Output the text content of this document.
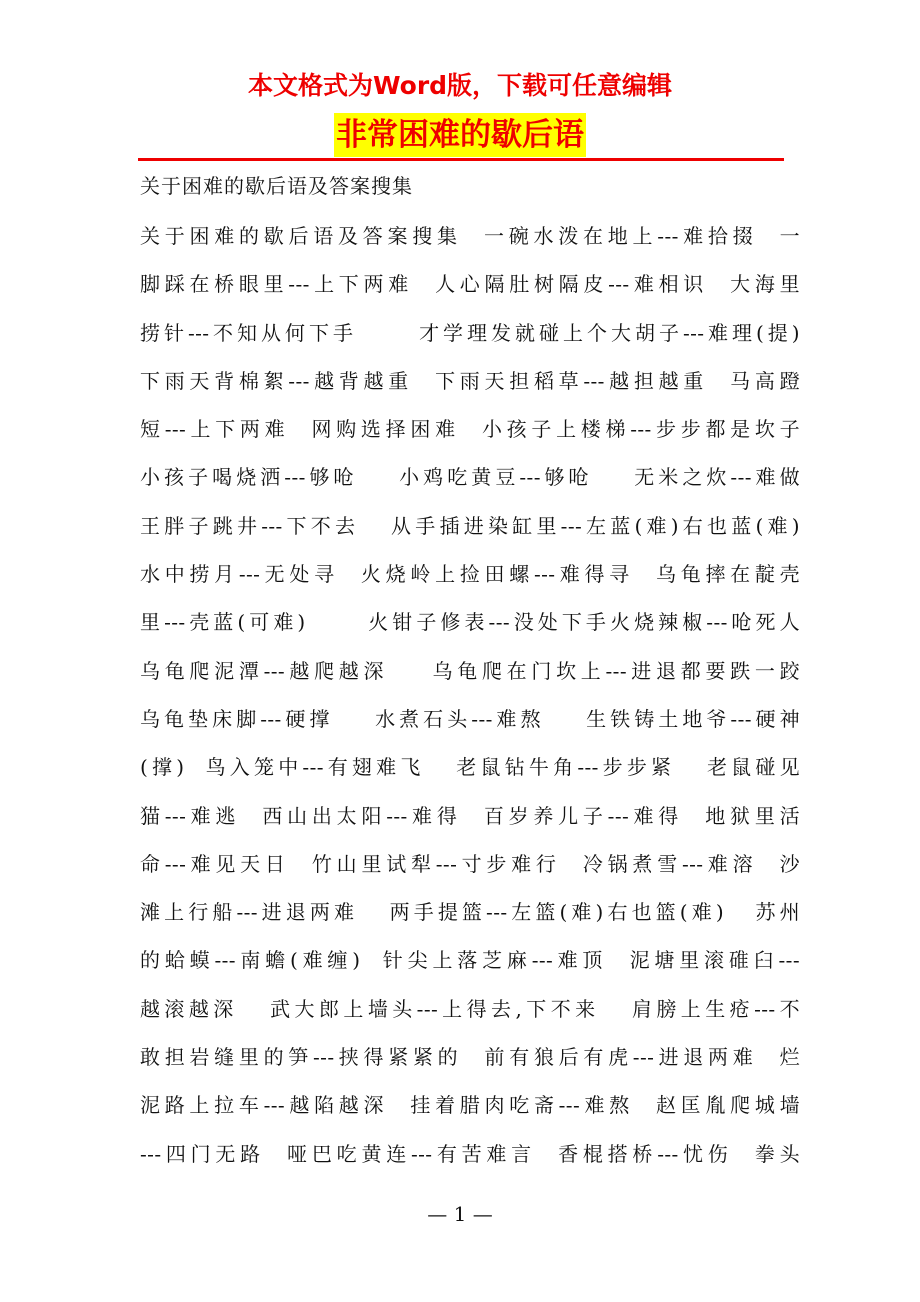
本文格式为Word版，下载可任意编辑
非常困难的歇后语
关于困难的歇后语及答案搜集
关于困难的歇后语及答案搜集  一碗水泼在地上---难拾掇  一
脚踩在桥眼里---上下两难  人心隔肚树隔皮---难相识  大海里
捞针---不知从何下手      才学理发就碰上个大胡子---难理(提)
下雨天背棉絮---越背越重  下雨天担稻草---越担越重  马高蹬
短---上下两难  网购选择困难  小孩子上楼梯---步步都是坎子
小孩子喝烧洒---够呛    小鸡吃黄豆---够呛    无米之炊---难做
王胖子跳井---下不去   从手插进染缸里---左蓝(难)右也蓝(难)
水中捞月---无处寻  火烧岭上捡田螺---难得寻  乌龟摔在靛壳
里---壳蓝(可难)      火钳子修表---没处下手火烧辣椒---呛死人
乌龟爬泥潭---越爬越深    乌龟爬在门坎上---进退都要跌一跤
乌龟垫床脚---硬撑    水煮石头---难熬    生铁铸土地爷---硬神
(撑)  鸟入笼中---有翅难飞   老鼠钻牛角---步步紧   老鼠碰见
猫---难逃  西山出太阳---难得  百岁养儿子---难得  地狱里活
命---难见天日  竹山里试犁---寸步难行  冷锅煮雪---难溶  沙
滩上行船---进退两难   两手提篮---左篮(难)右也篮(难)   苏州
的蛤蟆---南蟾(难缠)  针尖上落芝麻---难顶  泥塘里滚碓臼---
越滚越深   武大郎上墙头---上得去,下不来   肩膀上生疮---不
敢担岩缝里的笋---挟得紧紧的  前有狼后有虎---进退两难  烂
泥路上拉车---越陷越深  挂着腊肉吃斋---难熬  赵匡胤爬城墙
---四门无路  哑巴吃黄连---有苦难言  香棍搭桥---忧伤  拳头
— 1 —
